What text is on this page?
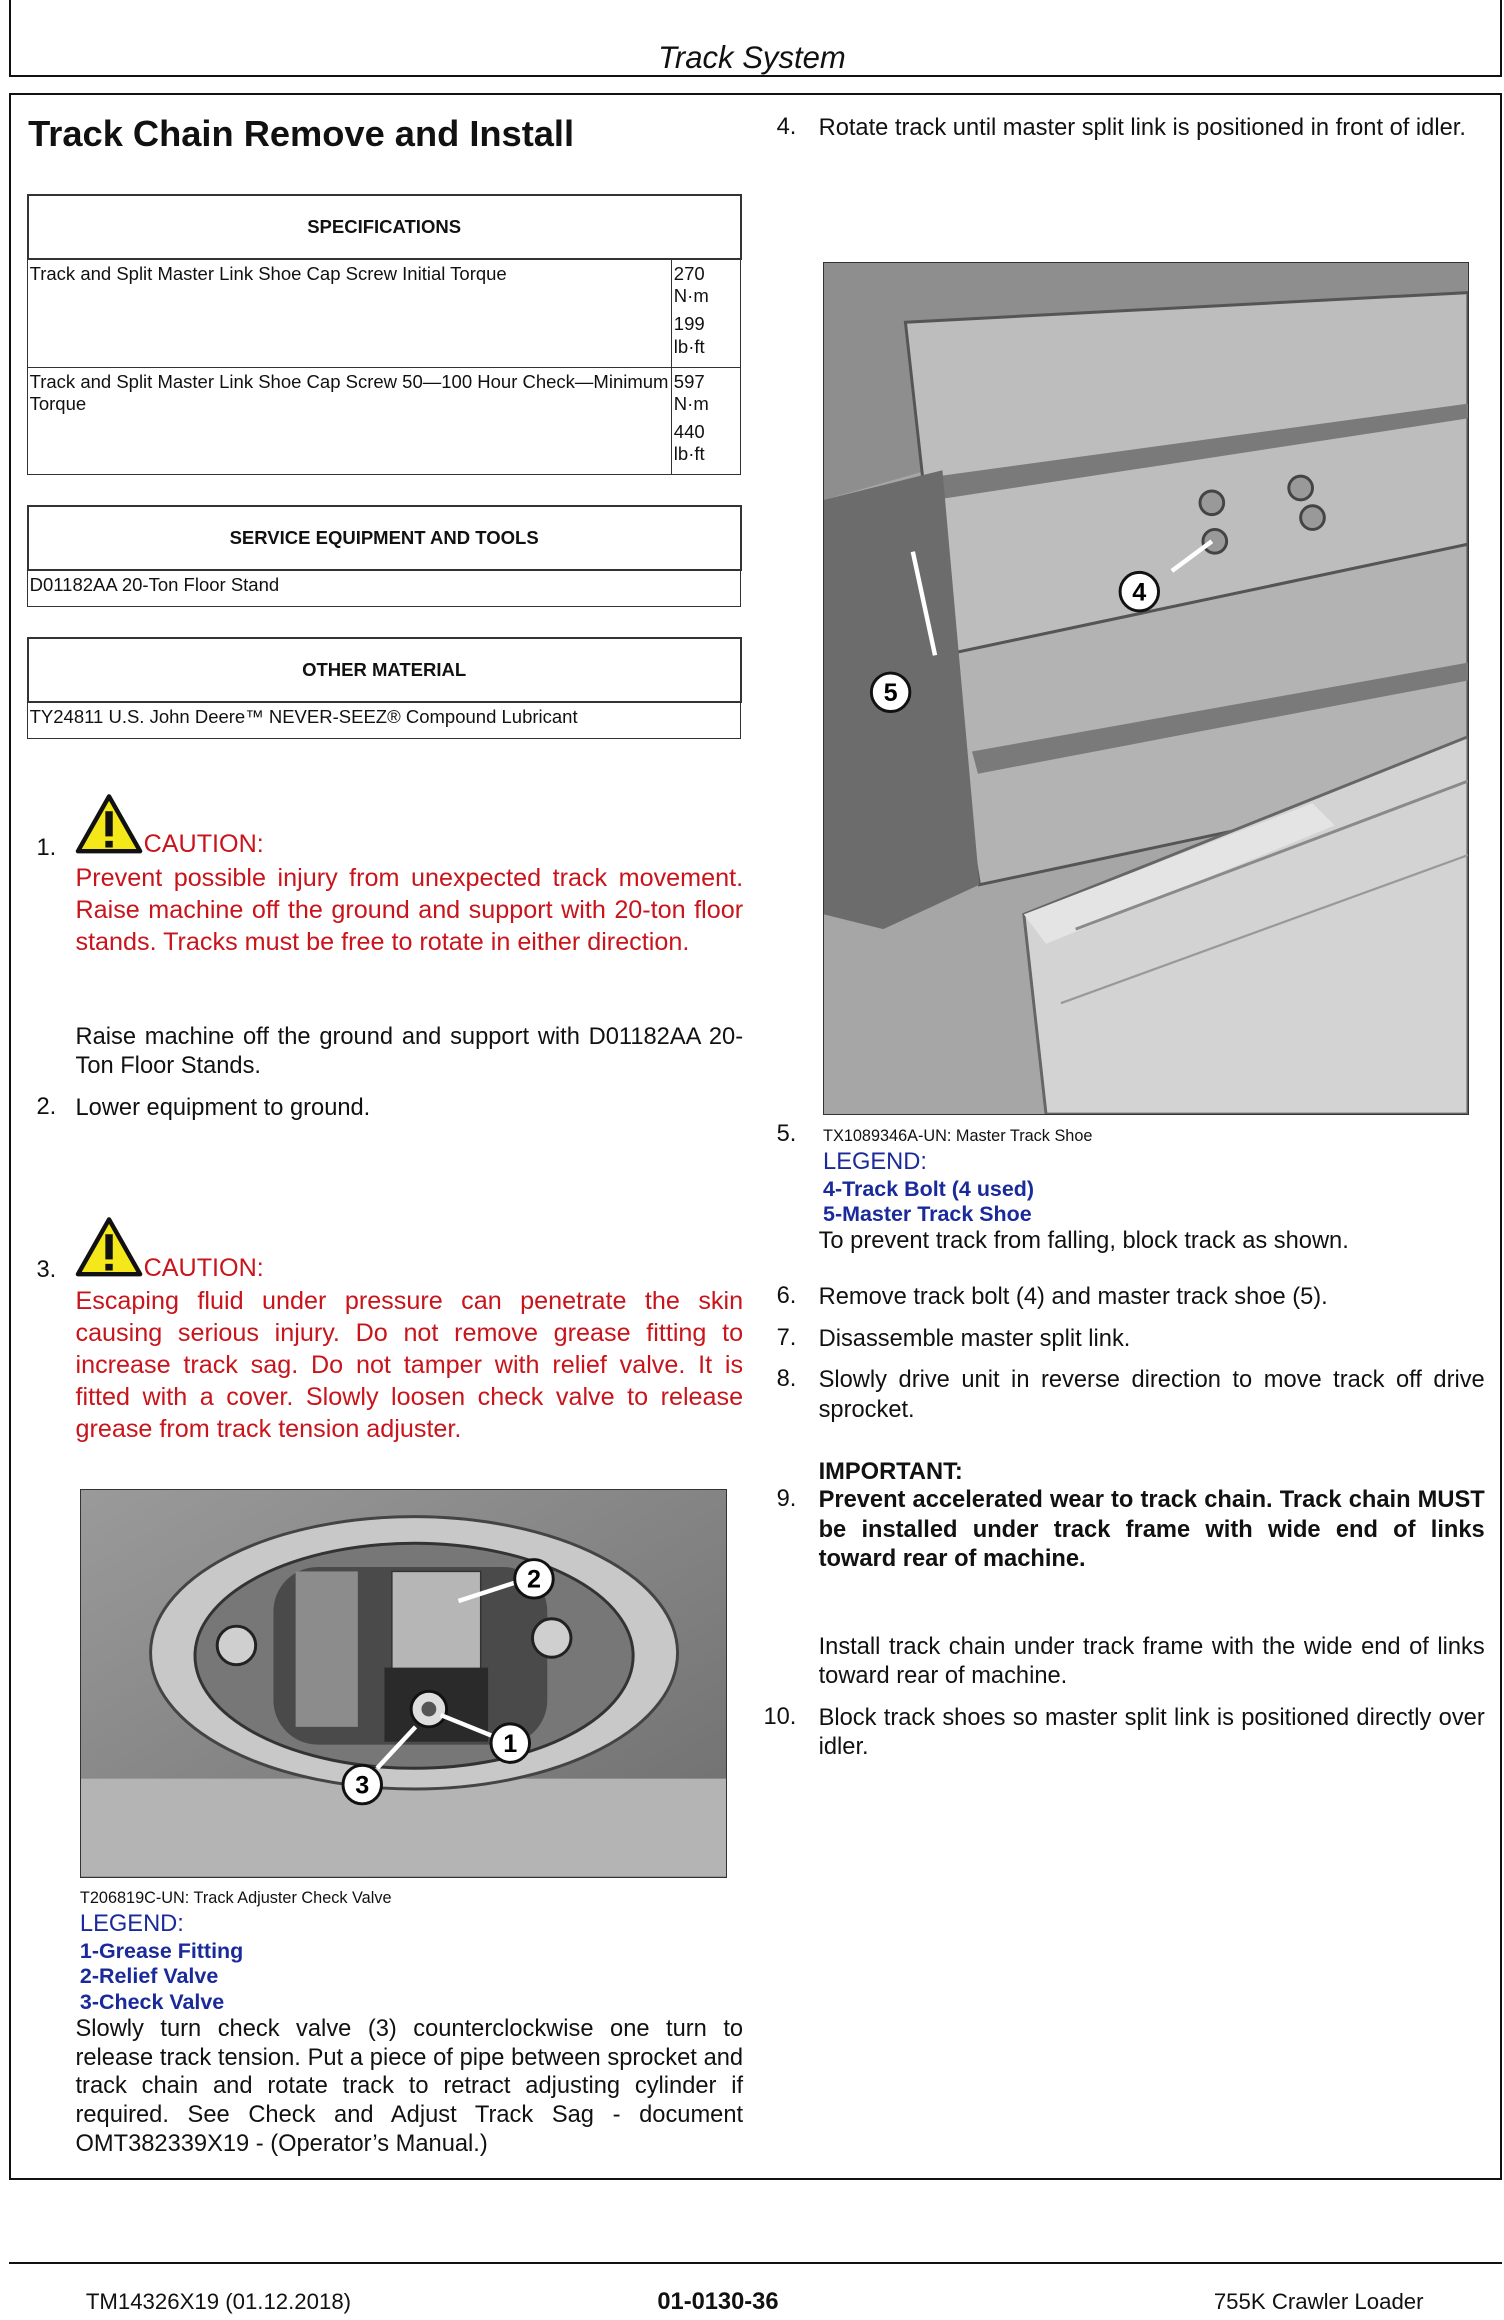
Track System
Track Chain Remove and Install
SPECIFICATIONS	
Track and Split Master Link Shoe Cap Screw Initial Torque	270
N·m
199
lb·ft

Track and Split Master Link Shoe Cap Screw 50—100 Hour Check—Minimum Torque	597
N·m
440
lb·ft
SERVICE EQUIPMENT AND TOOLS
D01182AA 20-Ton Floor Stand
OTHER MATERIAL
TY24811 U.S. John Deere™ NEVER-SEEZ® Compound Lubricant
1.	CAUTION:
Prevent possible injury from unexpected track movement. Raise machine off the ground and support with 20-ton floor stands. Tracks must be free to rotate in either direction.
Raise machine off the ground and support with D01182AA 20-Ton Floor Stands.
2. Lower equipment to ground.
3.	CAUTION:
Escaping fluid under pressure can penetrate the skin causing serious injury. Do not remove grease fitting to increase track sag. Do not tamper with relief valve. It is fitted with a cover. Slowly loosen check valve to release grease from track tension adjuster.
2
1
3
T206819C-UN: Track Adjuster Check Valve
LEGEND:
1-Grease Fitting
2-Relief Valve
3-Check Valve
Slowly turn check valve (3) counterclockwise one turn to release track tension. Put a piece of pipe between sprocket and track chain and rotate track to retract adjusting cylinder if required. See Check and Adjust Track Sag - document OMT382339X19 - (Operator’s Manual.)
4. Rotate track until master split link is positioned in front of idler.
4
5
5. TX1089346A-UN: Master Track Shoe
LEGEND:
4-Track Bolt (4 used)
5-Master Track Shoe
To prevent track from falling, block track as shown.
6. Remove track bolt (4) and master track shoe (5).
7. Disassemble master split link.
8. Slowly drive unit in reverse direction to move track off drive sprocket.
IMPORTANT:
9. Prevent accelerated wear to track chain. Track chain MUST be installed under track frame with wide end of links toward rear of machine.
Install track chain under track frame with the wide end of links toward rear of machine.
10. Block track shoes so master split link is positioned directly over idler.
TM14326X19 (01.12.2018)	01-0130-36	755K Crawler Loader
